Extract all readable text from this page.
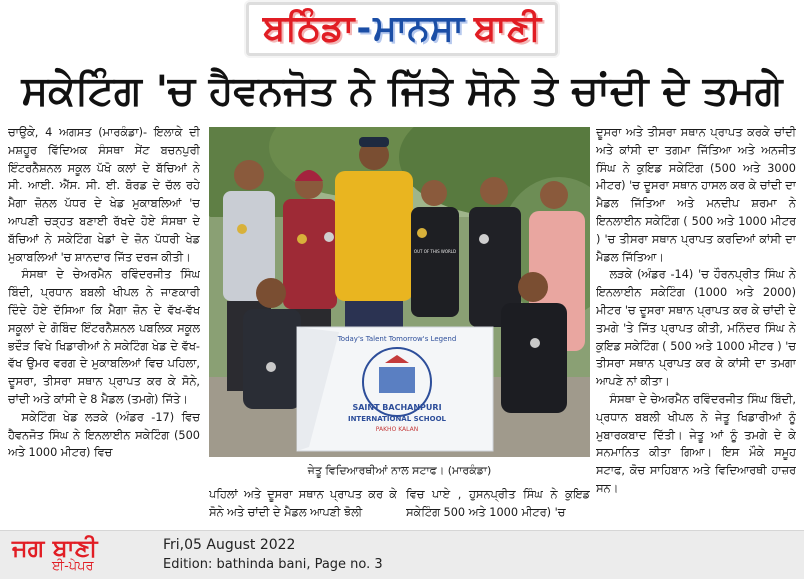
ਬਠਿੰਡਾ - ਮਾਨਸਾ ਬਾਣੀ
ਸਕੇਟਿੰਗ 'ਚ ਹੈਵਨਜੋਤ ਨੇ ਜਿੱਤੇ ਸੋਨੇ ਤੇ ਚਾਂਦੀ ਦੇ ਤਮਗੇ

ਚਾਉਕੇ, 4 ਅਗਸਤ (ਮਾਰਕੰਡਾ)- ਇਲਾਕੇ ਦੀ ਮਸ਼ਹੂਰ ਵਿੱਦਿਅਕ ਸੰਸਥਾ ਸੇਂਟ ਬਚਨਪੁਰੀ ਇੰਟਰਨੈਸ਼ਨਲ ਸਕੂਲ ਪੱਖੋ ਕਲਾਂ ਦੇ ਬੱਚਿਆਂ ਨੇ ਸੀ. ਆਈ. ਐੱਸ. ਸੀ. ਈ. ਬੋਰਡ ਦੇ ਚੱਲ ਰਹੇ ਮੈਗਾ ਜ਼ੋਨਲ ਪੱਧਰ ਦੇ ਖੇਡ ਮੁਕਾਬਲਿਆਂ 'ਚ ਆਪਣੀ ਚੜ੍ਹਤ ਬਣਾਈ ਰੱਖਦੇ ਹੋਏ ਸੰਸਥਾ ਦੇ ਬੱਚਿਆਂ ਨੇ ਸਕੇਟਿੰਗ ਖੇਡਾਂ ਦੇ ਜ਼ੋਨ ਪੱਧਰੀ ਖੇਡ ਮੁਕਾਬਲਿਆਂ 'ਚ ਸ਼ਾਨਦਾਰ ਜਿੱਤ ਦਰਜ ਕੀਤੀ।

ਸੰਸਥਾ ਦੇ ਚੇਅਰਮੈਨ ਰਵਿੰਦਰਜੀਤ ਸਿੰਘ ਬਿੰਦੀ, ਪ੍ਰਧਾਨ ਬਬਲੀ ਖੀਪਲ ਨੇ ਜਾਣਕਾਰੀ ਦਿੰਦੇ ਹੋਏ ਦੱਸਿਆ ਕਿ ਮੈਗਾ ਜ਼ੋਨ ਦੇ ਵੱਖ-ਵੱਖ ਸਕੂਲਾਂ ਦੇ ਗੋਬਿੰਦ ਇੰਟਰਨੈਸ਼ਨਲ ਪਬਲਿਕ ਸਕੂਲ ਭਦੌੜ ਵਿਖੇ ਖਿਡਾਰੀਆਂ ਨੇ ਸਕੇਟਿੰਗ ਖੇਡ ਦੇ ਵੱਖ-ਵੱਖ ਉਮਰ ਵਰਗ ਦੇ ਮੁਕਾਬਲਿਆਂ ਵਿਚ ਪਹਿਲਾ, ਦੂਸਰਾ, ਤੀਸਰਾ ਸਥਾਨ ਪ੍ਰਾਪਤ ਕਰ ਕੇ ਸੋਨੇ, ਚਾਂਦੀ ਅਤੇ ਕਾਂਸੀ ਦੇ 8 ਮੈਡਲ (ਤਮਗੇ) ਜਿੱਤੇ।

ਸਕੇਟਿੰਗ ਖੇਡ ਲੜਕੇ (ਅੰਡਰ -17) ਵਿਚ ਹੈਵਨਜੋਤ ਸਿੰਘ ਨੇ ਇਨਲਾਈਨ ਸਕੇਟਿੰਗ (500 ਅਤੇ 1000 ਮੀਟਰ) ਵਿਚ

Today's Talent Tomorrow's Legend
SAINT BACHANPURI
INTERNATIONAL SCHOOL
PAKHO KALAN
OUT OF THIS WORLD
ਜੇਤੂ ਵਿਦਿਆਰਥੀਆਂ ਨਾਲ ਸਟਾਫ। (ਮਾਰਕੰਡਾ)
ਪਹਿਲਾਂ ਅਤੇ ਦੂਸਰਾ ਸਥਾਨ ਪ੍ਰਾਪਤ ਕਰ ਕੇ ਸੋਨੇ ਅਤੇ ਚਾਂਦੀ ਦੇ ਮੈਡਲ ਆਪਣੀ ਝੋਲੀ
ਵਿਚ ਪਾਏ , ਹੁਸਨਪ੍ਰੀਤ ਸਿੰਘ ਨੇ ਕੁਇਡ ਸਕੇਟਿੰਗ 500 ਅਤੇ 1000 ਮੀਟਰ) 'ਚ

ਦੂਸਰਾ ਅਤੇ ਤੀਸਰਾ ਸਥਾਨ ਪ੍ਰਾਪਤ ਕਰਕੇ ਚਾਂਦੀ ਅਤੇ ਕਾਂਸੀ ਦਾ ਤਗਮਾ ਜਿੱਤਿਆ ਅਤੇ ਅਨਜੀਤ ਸਿੰਘ ਨੇ ਕੁਇਡ ਸਕੇਟਿੰਗ (500 ਅਤੇ 3000 ਮੀਟਰ) 'ਚ ਦੂਸਰਾ ਸਥਾਨ ਹਾਸਲ ਕਰ ਕੇ ਚਾਂਦੀ ਦਾ ਮੈਡਲ ਜਿੱਤਿਆ ਅਤੇ ਮਨਦੀਪ ਸ਼ਰਮਾ ਨੇ ਇਨਲਾਈਨ ਸਕੇਟਿੰਗ ( 500 ਅਤੇ 1000 ਮੀਟਰ ) 'ਚ ਤੀਸਰਾ ਸਥਾਨ ਪ੍ਰਾਪਤ ਕਰਦਿਆਂ ਕਾਂਸੀ ਦਾ ਮੈਡਲ ਜਿੱਤਿਆ।

ਲੜਕੇ (ਅੰਡਰ -14) 'ਚ ਹੌਰਨਪ੍ਰੀਤ ਸਿੰਘ ਨੇ ਇਨਲਾਈਨ ਸਕੇਟਿੰਗ (1000 ਅਤੇ 2000) ਮੀਟਰ 'ਚ ਦੂਸਰਾ ਸਥਾਨ ਪ੍ਰਾਪਤ ਕਰ ਕੇ ਚਾਂਦੀ ਦੇ ਤਮਗੇ 'ਤੇ ਜਿੱਤ ਪ੍ਰਾਪਤ ਕੀਤੀ, ਮਨਿੰਦਰ ਸਿੰਘ ਨੇ ਕੁਇਡ ਸਕੇਟਿੰਗ ( 500 ਅਤੇ 1000 ਮੀਟਰ ) 'ਚ ਤੀਸਰਾ ਸਥਾਨ ਪ੍ਰਾਪਤ ਕਰ ਕੇ ਕਾਂਸੀ ਦਾ ਤਮਗਾ ਆਪਣੇ ਨਾਂ ਕੀਤਾ।

ਸੰਸਥਾ ਦੇ ਚੇਅਰਮੈਨ ਰਵਿੰਦਰਜੀਤ ਸਿੰਘ ਬਿੰਦੀ, ਪ੍ਰਧਾਨ ਬਬਲੀ ਖੀਪਲ ਨੇ ਜੇਤੂ ਖਿਡਾਰੀਆਂ ਨੂੰ ਮੁਬਾਰਕਬਾਦ ਦਿੱਤੀ। ਜੇਤੂ ਆਂ ਨੂੰ ਤਮਗੇ ਦੇ ਕੇ ਸਨਮਾਨਿਤ ਕੀਤਾ ਗਿਆ। ਇਸ ਮੌਕੇ ਸਮੂਹ ਸਟਾਫ, ਕੋਚ ਸਾਹਿਬਾਨ ਅਤੇ ਵਿਦਿਆਰਥੀ ਹਾਜ਼ਰ ਸਨ।

ਜਗ ਬਾਣੀ
ਈ-ਪੇਪਰ
Fri,05 August 2022
Edition: bathinda bani, Page no. 3
